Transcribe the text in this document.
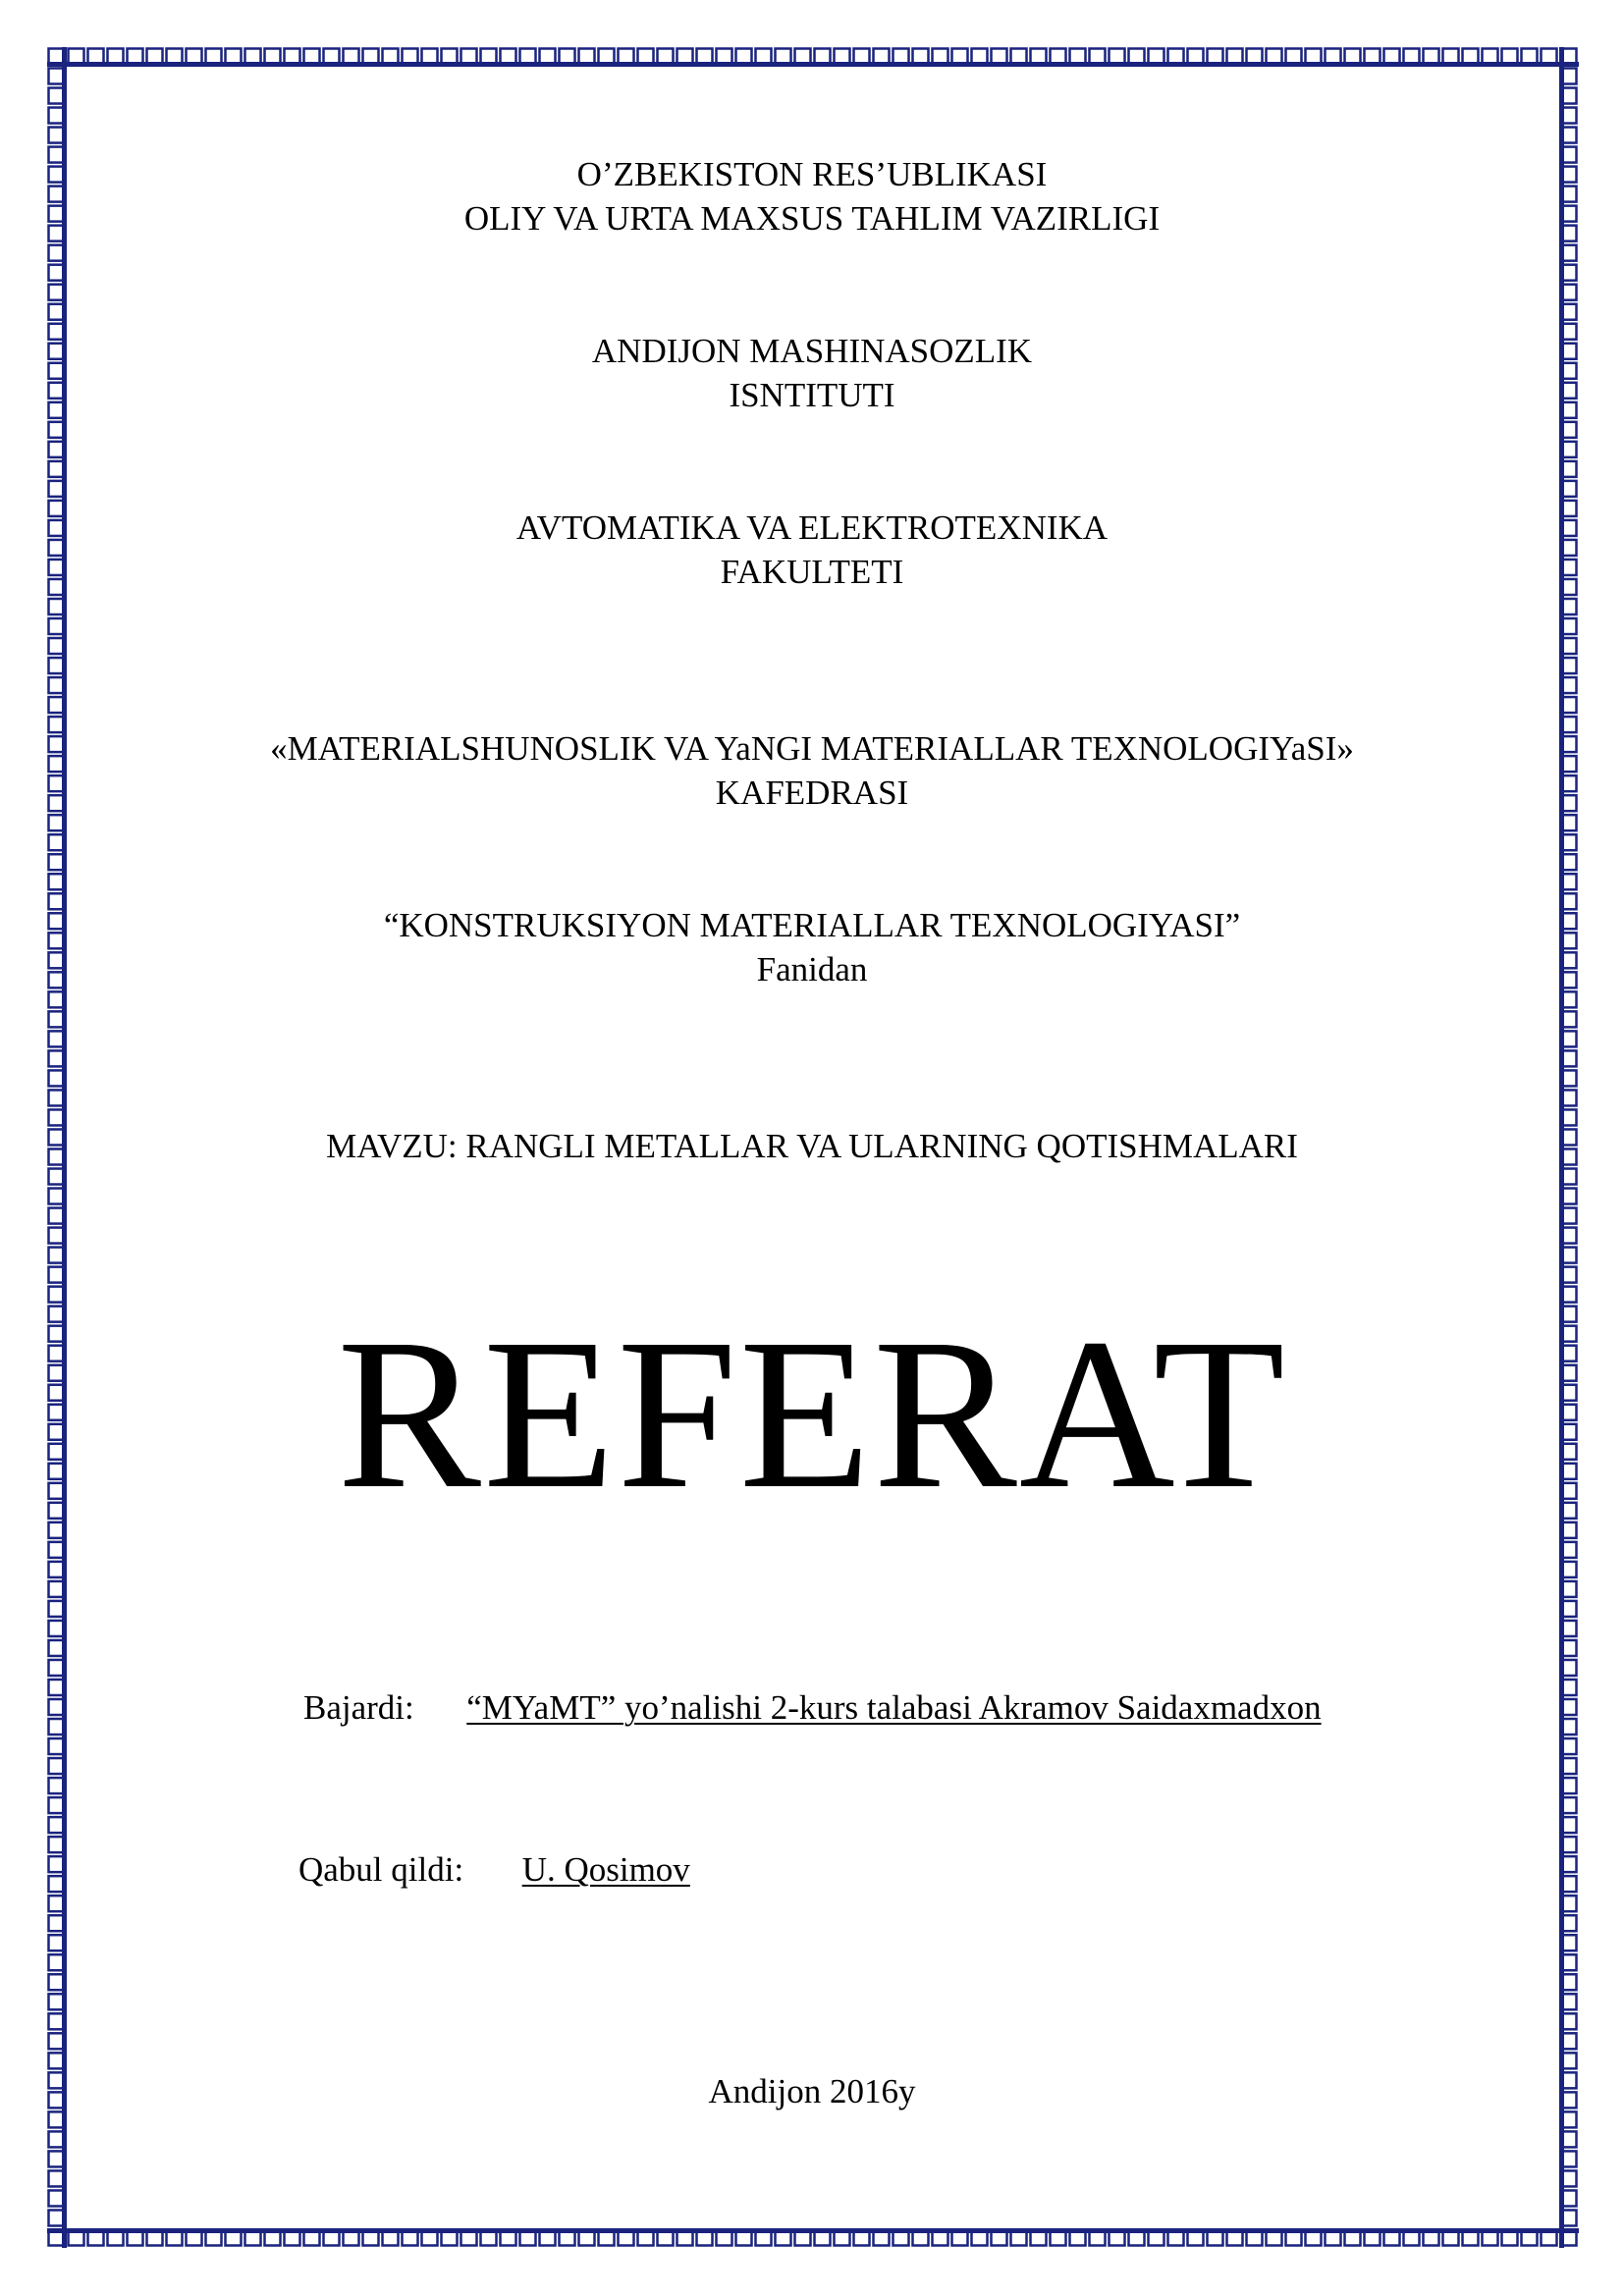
O’ZBEKISTON RES’UBLIKASI
OLIY VA URTA MAXSUS TAHLIM VAZIRLIGI
ANDIJON MASHINASOZLIK
ISNTITUTI
AVTOMATIKA VA ELEKTROTEXNIKA
FAKULTETI
«MATERIALSHUNOSLIK VA YaNGI MATERIALLAR TEXNOLOGIYaSI»
KAFEDRASI
“KONSTRUKSIYON MATERIALLAR TEXNOLOGIYASI”
Fanidan
MAVZU: RANGLI METALLAR VA ULARNING QOTISHMALARI
REFERAT
Bajardi: “MYaMT” yo’nalishi 2-kurs talabasi Akramov Saidaxmadxon
Qabul qildi: U. Qosimov
Andijon 2016y
